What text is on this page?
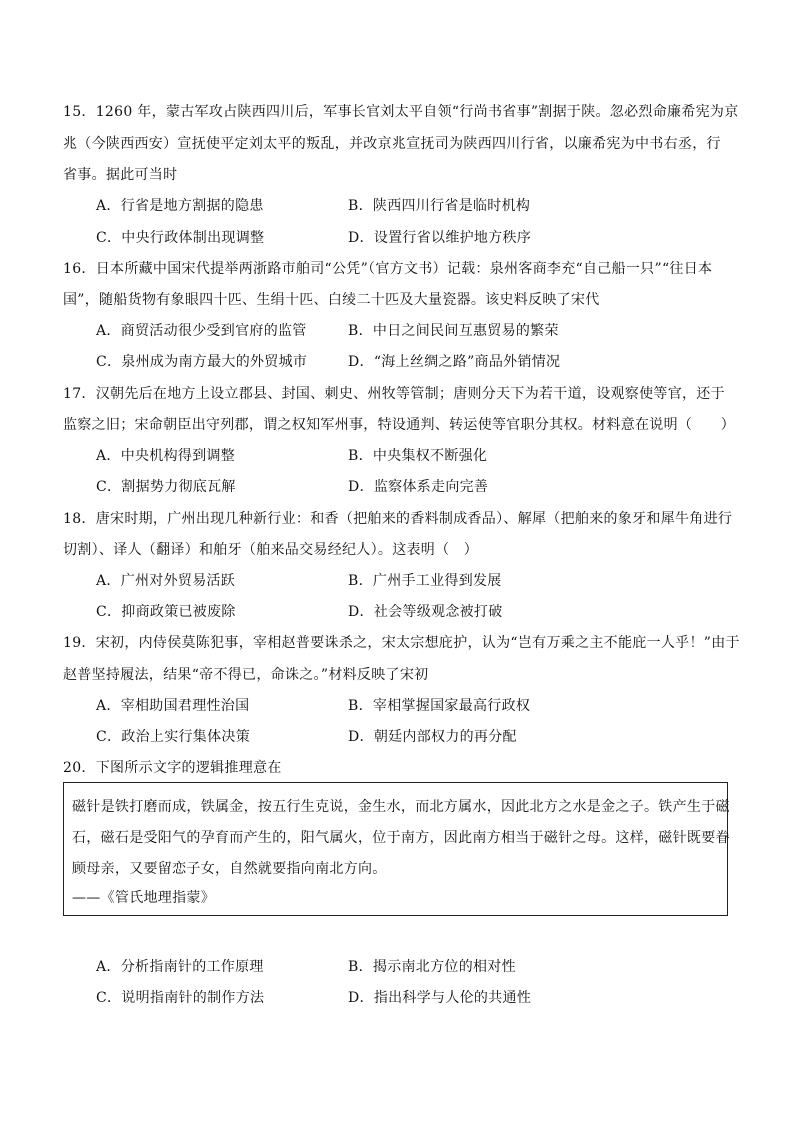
15．1260 年，蒙古军攻占陕西四川后，军事长官刘太平自领“行尚书省事”割据于陕。忽必烈命廉希宪为京
兆（今陕西西安）宣抚使平定刘太平的叛乱，并改京兆宣抚司为陕西四川行省，以廉希宪为中书右丞，行
省事。据此可当时
A．行省是地方割据的隐患	B．陕西四川行省是临时机构
C．中央行政体制出现调整	D．设置行省以维护地方秩序
16．日本所藏中国宋代提举两浙路市舶司“公凭”（官方文书）记载：泉州客商李充“自己船一只”“往日本
国”，随船货物有象眼四十匹、生绢十匹、白绫二十匹及大量瓷器。该史料反映了宋代
A．商贸活动很少受到官府的监管	B．中日之间民间互惠贸易的繁荣
C．泉州成为南方最大的外贸城市	D．“海上丝绸之路”商品外销情况
17．汉朝先后在地方上设立郡县、封国、刺史、州牧等管制；唐则分天下为若干道，设观察使等官，还于
监察之旧；宋命朝臣出守列郡，谓之权知军州事，特设通判、转运使等官职分其权。材料意在说明（　　）
A．中央机构得到调整	B．中央集权不断强化
C．割据势力彻底瓦解	D．监察体系走向完善
18．唐宋时期，广州出现几种新行业：和香（把舶来的香料制成香品）、解犀（把舶来的象牙和犀牛角进行
切割）、译人（翻译）和舶牙（舶来品交易经纪人）。这表明（　）
A．广州对外贸易活跃	B．广州手工业得到发展
C．抑商政策已被废除	D．社会等级观念被打破
19．宋初，内侍侯莫陈犯事，宰相赵普要诛杀之，宋太宗想庇护，认为“岂有万乘之主不能庇一人乎！”由于
赵普坚持履法，结果“帝不得已，命诛之。”材料反映了宋初
A．宰相助国君理性治国	B．宰相掌握国家最高行政权
C．政治上实行集体决策	D．朝廷内部权力的再分配
20．下图所示文字的逻辑推理意在
磁针是铁打磨而成，铁属金，按五行生克说，金生水，而北方属水，因此北方之水是金之子。铁产生于磁
石，磁石是受阳气的孕育而产生的，阳气属火，位于南方，因此南方相当于磁针之母。这样，磁针既要眷
顾母亲，又要留恋子女，自然就要指向南北方向。
——《管氏地理指蒙》
A．分析指南针的工作原理	B．揭示南北方位的相对性
C．说明指南针的制作方法	D．指出科学与人伦的共通性
